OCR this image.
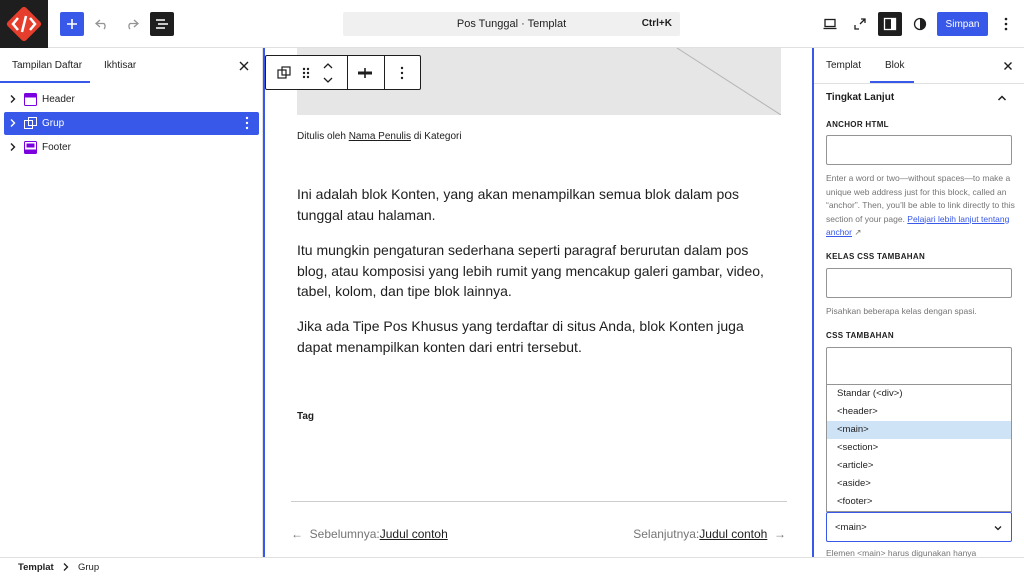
Pos Tunggal · Templat	Ctrl+K	Simpan
Tampilan Daftar Ikhtisar
Header
Grup
Footer
Ditulis oleh Nama Penulis di Kategori

Ini adalah blok Konten, yang akan menampilkan semua blok dalam pos tunggal atau halaman.

Itu mungkin pengaturan sederhana seperti paragraf berurutan dalam pos blog, atau komposisi yang lebih rumit yang mencakup galeri gambar, video, tabel, kolom, dan tipe blok lainnya.

Jika ada Tipe Pos Khusus yang terdaftar di situs Anda, blok Konten juga dapat menampilkan konten dari entri tersebut.

Tag
← Sebelumnya:Judul contoh	Selanjutnya:Judul contoh →
Templat Blok
Tingkat Lanjut
ANCHOR HTML
Enter a word or two—without spaces—to make a unique web address just for this block, called an “anchor”. Then, you’ll be able to link directly to this section of your page. Pelajari lebih lanjut tentang anchor ↗
KELAS CSS TAMBAHAN
Pisahkan beberapa kelas dengan spasi.
CSS TAMBAHAN
Standar (<div>)
<header>
<main>
<section>
<article>
<aside>
<footer>
<main>
Elemen <main> harus digunakan hanya
Templat	Grup
